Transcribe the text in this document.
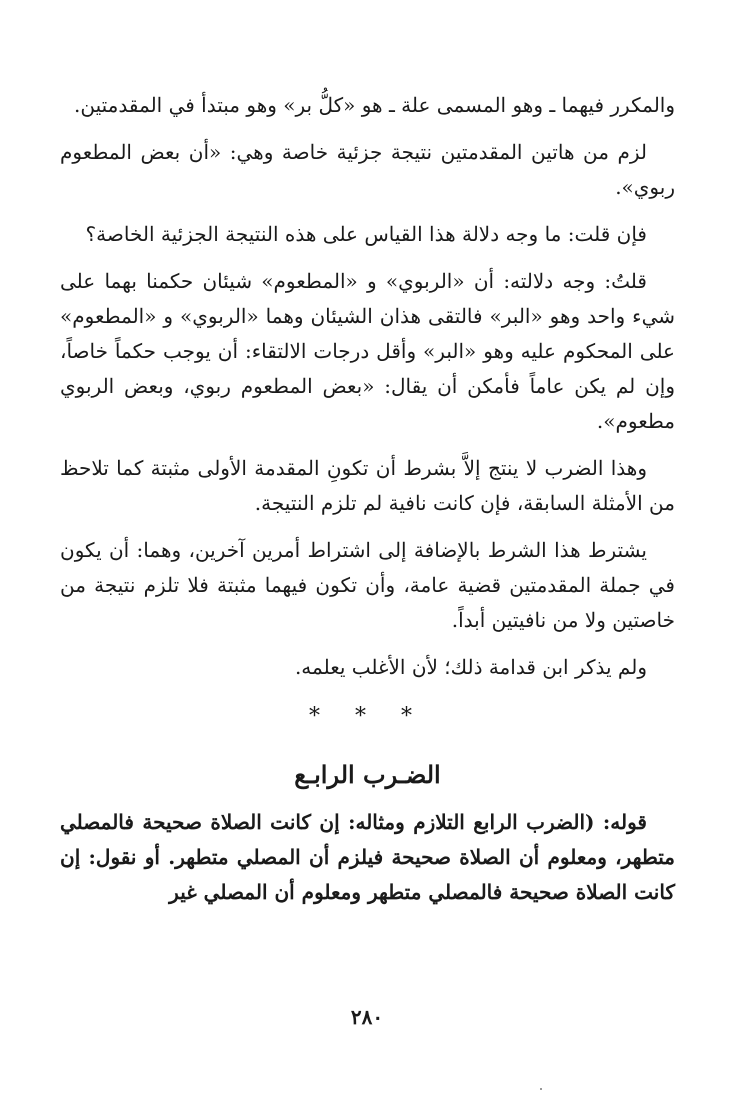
والمكرر فيهما ـ وهو المسمى علة ـ هو «كلُّ بر» وهو مبتدأ في المقدمتين.

لزم من هاتين المقدمتين نتيجة جزئية خاصة وهي: «أن بعض المطعوم ربوي».

فإن قلت: ما وجه دلالة هذا القياس على هذه النتيجة الجزئية الخاصة؟

قلتُ: وجه دلالته: أن «الربوي» و «المطعوم» شيئان حكمنا بهما على شيء واحد وهو «البر» فالتقى هذان الشيئان وهما «الربوي» و «المطعوم» على المحكوم عليه وهو «البر» وأقل درجات الالتقاء: أن يوجب حكماً خاصاً، وإن لم يكن عاماً فأمكن أن يقال: «بعض المطعوم ربوي، وبعض الربوي مطعوم».

وهذا الضرب لا ينتج إلاَّ بشرط أن تكونِ المقدمة الأولى مثبتة كما تلاحظ من الأمثلة السابقة، فإن كانت نافية لم تلزم النتيجة.

يشترط هذا الشرط بالإضافة إلى اشتراط أمرين آخرين، وهما: أن يكون في جملة المقدمتين قضية عامة، وأن تكون فيهما مثبتة فلا تلزم نتيجة من خاصتين ولا من نافيتين أبداً.

ولم يذكر ابن قدامة ذلك؛ لأن الأغلب يعلمه.

* * *
الضـرب الرابـع

قوله: (الضرب الرابع التلازم ومثاله: إن كانت الصلاة صحيحة فالمصلي متطهر، ومعلوم أن الصلاة صحيحة فيلزم أن المصلي متطهر. أو نقول: إن كانت الصلاة صحيحة فالمصلي متطهر ومعلوم أن المصلي غير

٢٨٠
